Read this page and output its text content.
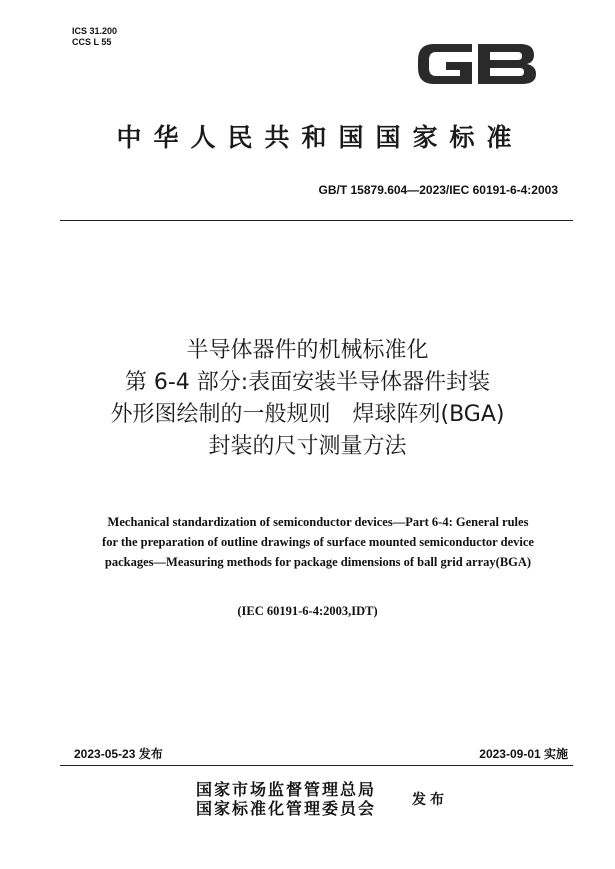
ICS 31.200
CCS L 55
GB
中华人民共和国国家标准
GB/T 15879.604—2023/IEC 60191-6-4:2003
半导体器件的机械标准化
第 6-4 部分:表面安装半导体器件封装
外形图绘制的一般规则　焊球阵列(BGA)
封装的尺寸测量方法
Mechanical standardization of semiconductor devices—Part 6-4: General rules
for the preparation of outline drawings of surface mounted semiconductor device
packages—Measuring methods for package dimensions of ball grid array(BGA)
(IEC 60191-6-4:2003,IDT)
2023-05-23 发布	2023-09-01 实施
国家市场监督管理总局
国家标准化管理委员会	发布
